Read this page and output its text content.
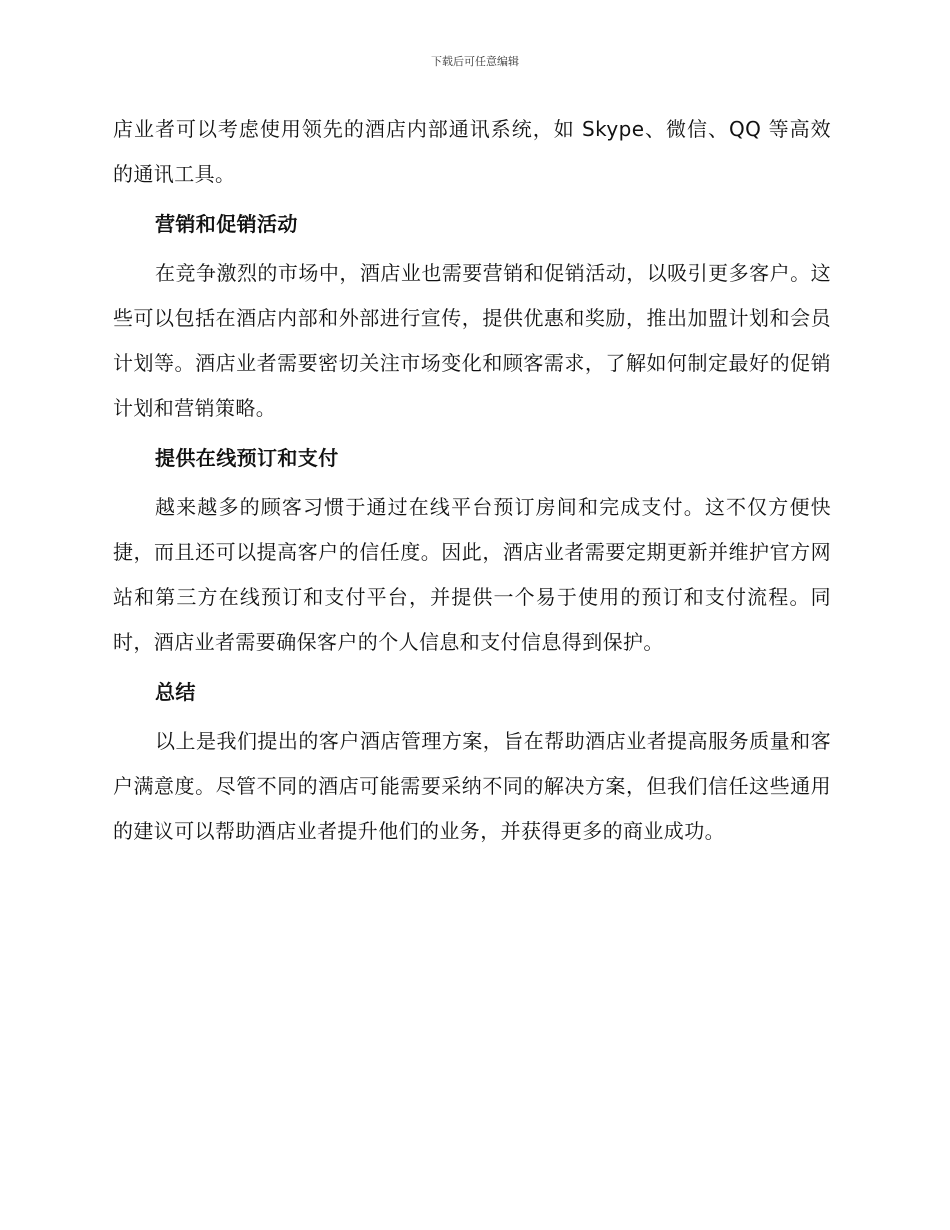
下载后可任意编辑

店业者可以考虑使用领先的酒店内部通讯系统，如 Skype、微信、QQ 等高效的通讯工具。

营销和促销活动

在竞争激烈的市场中，酒店业也需要营销和促销活动，以吸引更多客户。这些可以包括在酒店内部和外部进行宣传，提供优惠和奖励，推出加盟计划和会员计划等。酒店业者需要密切关注市场变化和顾客需求，了解如何制定最好的促销计划和营销策略。

提供在线预订和支付

越来越多的顾客习惯于通过在线平台预订房间和完成支付。这不仅方便快捷，而且还可以提高客户的信任度。因此，酒店业者需要定期更新并维护官方网站和第三方在线预订和支付平台，并提供一个易于使用的预订和支付流程。同时，酒店业者需要确保客户的个人信息和支付信息得到保护。

总结

以上是我们提出的客户酒店管理方案，旨在帮助酒店业者提高服务质量和客户满意度。尽管不同的酒店可能需要采纳不同的解决方案，但我们信任这些通用的建议可以帮助酒店业者提升他们的业务，并获得更多的商业成功。
